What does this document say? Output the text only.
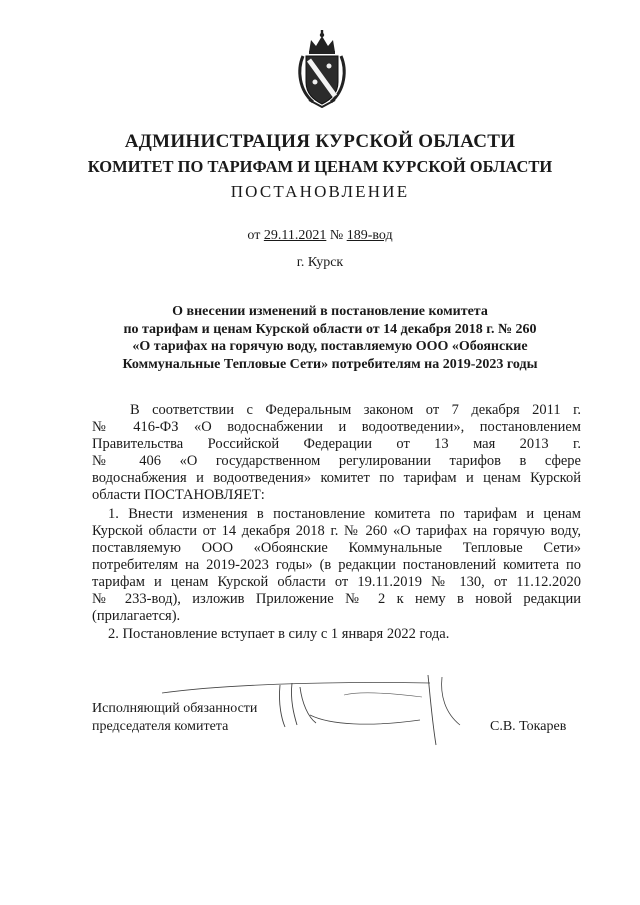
АДМИНИСТРАЦИЯ КУРСКОЙ ОБЛАСТИ
КОМИТЕТ ПО ТАРИФАМ И ЦЕНАМ КУРСКОЙ ОБЛАСТИ
ПОСТАНОВЛЕНИЕ
от 29.11.2021 № 189-вод
г. Курск
О внесении изменений в постановление комитета
по тарифам и ценам Курской области от 14 декабря 2018 г. № 260
«О тарифах на горячую воду, поставляемую ООО «Обоянские
Коммунальные Тепловые Сети» потребителям на 2019-2023 годы
В соответствии с Федеральным законом от 7 декабря 2011 г.
№ 416-ФЗ «О водоснабжении и водоотведении», постановлением
Правительства Российской Федерации от 13 мая 2013 г.
№ 406 «О государственном регулировании тарифов в сфере
водоснабжения и водоотведения» комитет по тарифам и ценам Курской
области ПОСТАНОВЛЯЕТ:
1. Внести изменения в постановление комитета по тарифам и ценам
Курской области от 14 декабря 2018 г. № 260 «О тарифах на горячую воду,
поставляемую ООО «Обоянские Коммунальные Тепловые Сети»
потребителям на 2019-2023 годы» (в редакции постановлений комитета по
тарифам и ценам Курской области от 19.11.2019 № 130, от 11.12.2020
№ 233-вод), изложив Приложение № 2 к нему в новой редакции
(прилагается).
2. Постановление вступает в силу с 1 января 2022 года.
Исполняющий обязанности
председателя комитета	С.В. Токарев
